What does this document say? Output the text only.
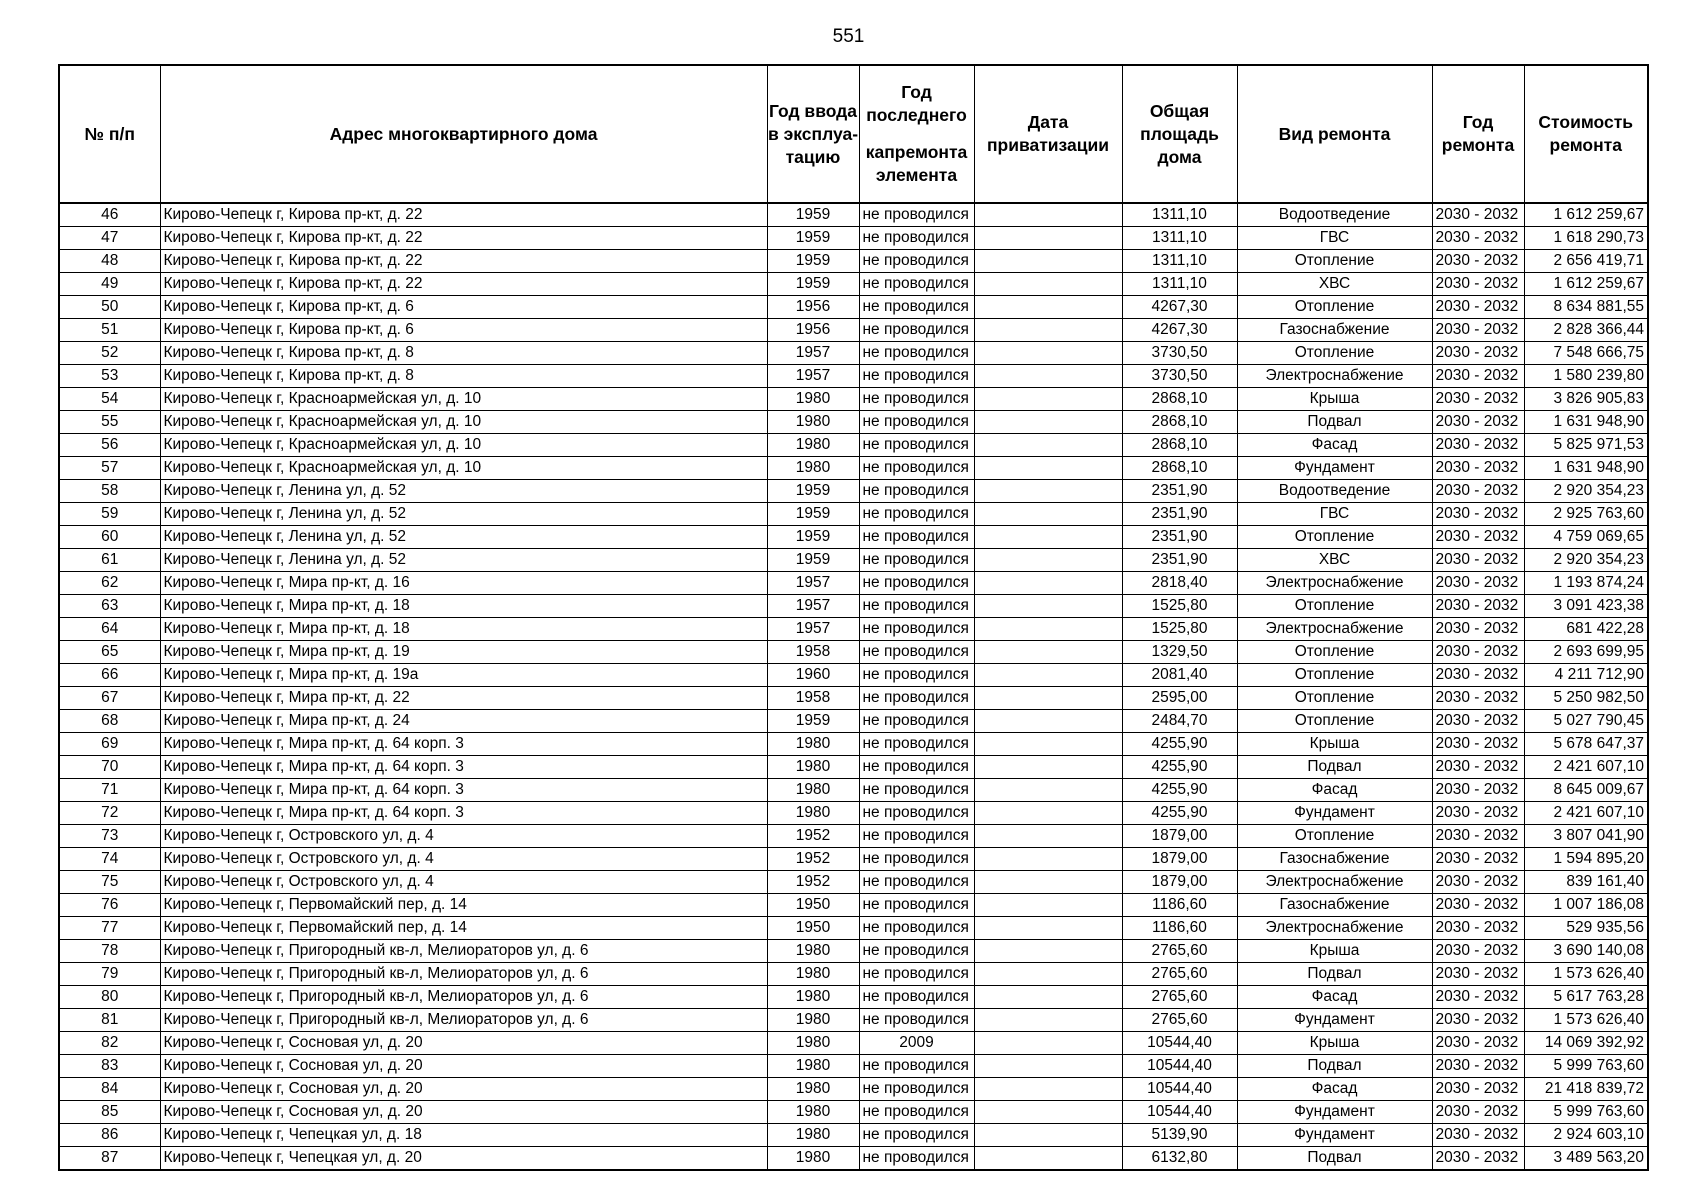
551
№ п/п	Адрес многоквартирного дома	Год ввода в эксплуа-тацию	Год последнего
капремонта элемента	Дата приватизации	Общая площадь дома	Вид ремонта	Год ремонта	Стоимость ремонта
46	Кирово-Чепецк г, Кирова пр-кт, д. 22	1959	не проводился		1311,10	Водоотведение	2030 - 2032	1 612 259,67
47	Кирово-Чепецк г, Кирова пр-кт, д. 22	1959	не проводился		1311,10	ГВС	2030 - 2032	1 618 290,73
48	Кирово-Чепецк г, Кирова пр-кт, д. 22	1959	не проводился		1311,10	Отопление	2030 - 2032	2 656 419,71
49	Кирово-Чепецк г, Кирова пр-кт, д. 22	1959	не проводился		1311,10	ХВС	2030 - 2032	1 612 259,67
50	Кирово-Чепецк г, Кирова пр-кт, д. 6	1956	не проводился		4267,30	Отопление	2030 - 2032	8 634 881,55
51	Кирово-Чепецк г, Кирова пр-кт, д. 6	1956	не проводился		4267,30	Газоснабжение	2030 - 2032	2 828 366,44
52	Кирово-Чепецк г, Кирова пр-кт, д. 8	1957	не проводился		3730,50	Отопление	2030 - 2032	7 548 666,75
53	Кирово-Чепецк г, Кирова пр-кт, д. 8	1957	не проводился		3730,50	Электроснабжение	2030 - 2032	1 580 239,80
54	Кирово-Чепецк г, Красноармейская ул, д. 10	1980	не проводился		2868,10	Крыша	2030 - 2032	3 826 905,83
55	Кирово-Чепецк г, Красноармейская ул, д. 10	1980	не проводился		2868,10	Подвал	2030 - 2032	1 631 948,90
56	Кирово-Чепецк г, Красноармейская ул, д. 10	1980	не проводился		2868,10	Фасад	2030 - 2032	5 825 971,53
57	Кирово-Чепецк г, Красноармейская ул, д. 10	1980	не проводился		2868,10	Фундамент	2030 - 2032	1 631 948,90
58	Кирово-Чепецк г, Ленина ул, д. 52	1959	не проводился		2351,90	Водоотведение	2030 - 2032	2 920 354,23
59	Кирово-Чепецк г, Ленина ул, д. 52	1959	не проводился		2351,90	ГВС	2030 - 2032	2 925 763,60
60	Кирово-Чепецк г, Ленина ул, д. 52	1959	не проводился		2351,90	Отопление	2030 - 2032	4 759 069,65
61	Кирово-Чепецк г, Ленина ул, д. 52	1959	не проводился		2351,90	ХВС	2030 - 2032	2 920 354,23
62	Кирово-Чепецк г, Мира пр-кт, д. 16	1957	не проводился		2818,40	Электроснабжение	2030 - 2032	1 193 874,24
63	Кирово-Чепецк г, Мира пр-кт, д. 18	1957	не проводился		1525,80	Отопление	2030 - 2032	3 091 423,38
64	Кирово-Чепецк г, Мира пр-кт, д. 18	1957	не проводился		1525,80	Электроснабжение	2030 - 2032	681 422,28
65	Кирово-Чепецк г, Мира пр-кт, д. 19	1958	не проводился		1329,50	Отопление	2030 - 2032	2 693 699,95
66	Кирово-Чепецк г, Мира пр-кт, д. 19а	1960	не проводился		2081,40	Отопление	2030 - 2032	4 211 712,90
67	Кирово-Чепецк г, Мира пр-кт, д. 22	1958	не проводился		2595,00	Отопление	2030 - 2032	5 250 982,50
68	Кирово-Чепецк г, Мира пр-кт, д. 24	1959	не проводился		2484,70	Отопление	2030 - 2032	5 027 790,45
69	Кирово-Чепецк г, Мира пр-кт, д. 64 корп. 3	1980	не проводился		4255,90	Крыша	2030 - 2032	5 678 647,37
70	Кирово-Чепецк г, Мира пр-кт, д. 64 корп. 3	1980	не проводился		4255,90	Подвал	2030 - 2032	2 421 607,10
71	Кирово-Чепецк г, Мира пр-кт, д. 64 корп. 3	1980	не проводился		4255,90	Фасад	2030 - 2032	8 645 009,67
72	Кирово-Чепецк г, Мира пр-кт, д. 64 корп. 3	1980	не проводился		4255,90	Фундамент	2030 - 2032	2 421 607,10
73	Кирово-Чепецк г, Островского ул, д. 4	1952	не проводился		1879,00	Отопление	2030 - 2032	3 807 041,90
74	Кирово-Чепецк г, Островского ул, д. 4	1952	не проводился		1879,00	Газоснабжение	2030 - 2032	1 594 895,20
75	Кирово-Чепецк г, Островского ул, д. 4	1952	не проводился		1879,00	Электроснабжение	2030 - 2032	839 161,40
76	Кирово-Чепецк г, Первомайский пер, д. 14	1950	не проводился		1186,60	Газоснабжение	2030 - 2032	1 007 186,08
77	Кирово-Чепецк г, Первомайский пер, д. 14	1950	не проводился		1186,60	Электроснабжение	2030 - 2032	529 935,56
78	Кирово-Чепецк г, Пригородный кв-л, Мелиораторов ул, д. 6	1980	не проводился		2765,60	Крыша	2030 - 2032	3 690 140,08
79	Кирово-Чепецк г, Пригородный кв-л, Мелиораторов ул, д. 6	1980	не проводился		2765,60	Подвал	2030 - 2032	1 573 626,40
80	Кирово-Чепецк г, Пригородный кв-л, Мелиораторов ул, д. 6	1980	не проводился		2765,60	Фасад	2030 - 2032	5 617 763,28
81	Кирово-Чепецк г, Пригородный кв-л, Мелиораторов ул, д. 6	1980	не проводился		2765,60	Фундамент	2030 - 2032	1 573 626,40
82	Кирово-Чепецк г, Сосновая ул, д. 20	1980	2009		10544,40	Крыша	2030 - 2032	14 069 392,92
83	Кирово-Чепецк г, Сосновая ул, д. 20	1980	не проводился		10544,40	Подвал	2030 - 2032	5 999 763,60
84	Кирово-Чепецк г, Сосновая ул, д. 20	1980	не проводился		10544,40	Фасад	2030 - 2032	21 418 839,72
85	Кирово-Чепецк г, Сосновая ул, д. 20	1980	не проводился		10544,40	Фундамент	2030 - 2032	5 999 763,60
86	Кирово-Чепецк г, Чепецкая ул, д. 18	1980	не проводился		5139,90	Фундамент	2030 - 2032	2 924 603,10
87	Кирово-Чепецк г, Чепецкая ул, д. 20	1980	не проводился		6132,80	Подвал	2030 - 2032	3 489 563,20
